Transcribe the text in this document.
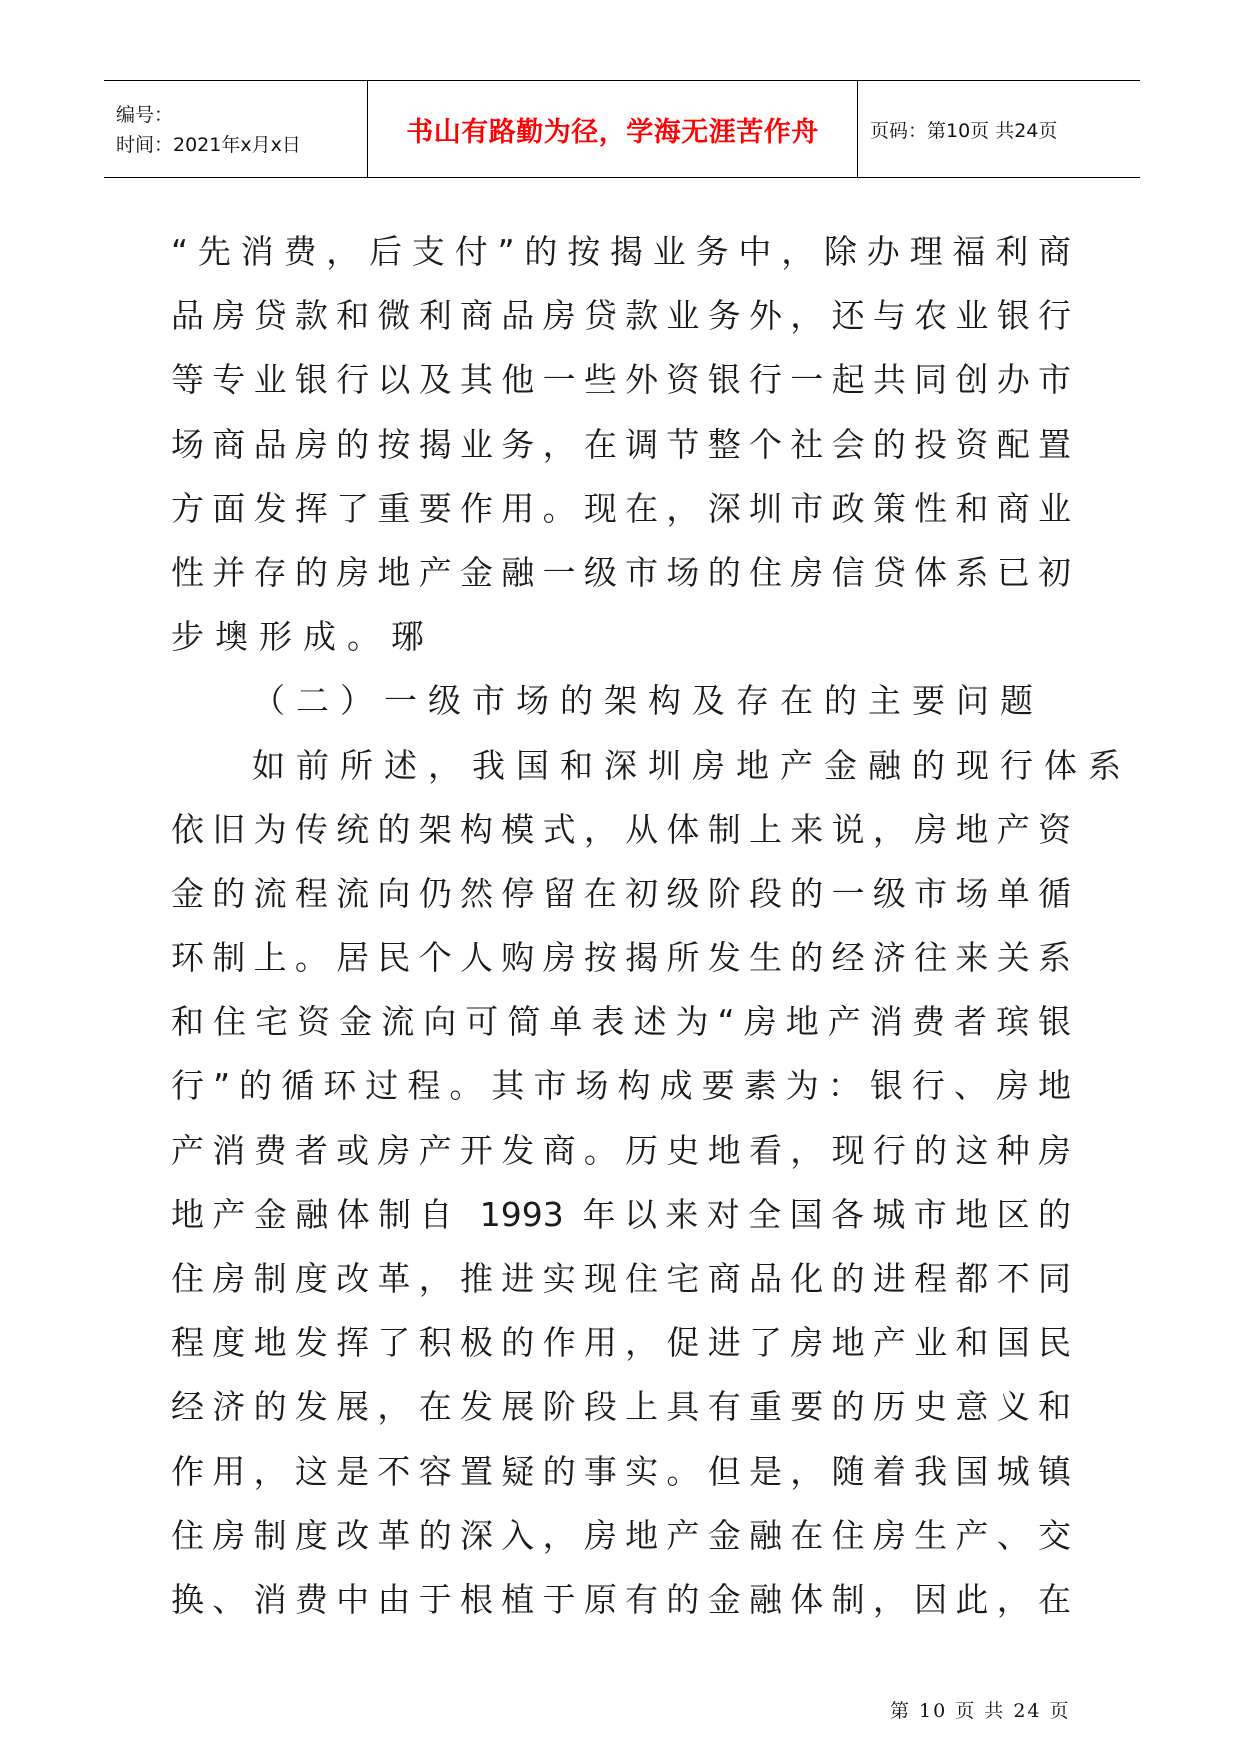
编号：
时间：2021年x月x日	书山有路勤为径，学海无涯苦作舟	页码：第10页 共24页
“先消费，后支付”的按揭业务中，除办理福利商
品房贷款和微利商品房贷款业务外，还与农业银行
等专业银行以及其他一些外资银行一起共同创办市
场商品房的按揭业务，在调节整个社会的投资配置
方面发挥了重要作用。现在，深圳市政策性和商业
性并存的房地产金融一级市场的住房信贷体系已初
步墺形成。琊
（二）一级市场的架构及存在的主要问题
如前所述，我国和深圳房地产金融的现行体系
依旧为传统的架构模式，从体制上来说，房地产资
金的流程流向仍然停留在初级阶段的一级市场单循
环制上。居民个人购房按揭所发生的经济往来关系
和住宅资金流向可简单表述为“房地产消费者瑸银
行”的循环过程。其市场构成要素为：银行、房地
产消费者或房产开发商。历史地看，现行的这种房
地产金融体制自 1993 年以来对全国各城市地区的
住房制度改革，推进实现住宅商品化的进程都不同
程度地发挥了积极的作用，促进了房地产业和国民
经济的发展，在发展阶段上具有重要的历史意义和
作用，这是不容置疑的事实。但是，随着我国城镇
住房制度改革的深入，房地产金融在住房生产、交
换、消费中由于根植于原有的金融体制，因此，在
第 10 页 共 24 页
